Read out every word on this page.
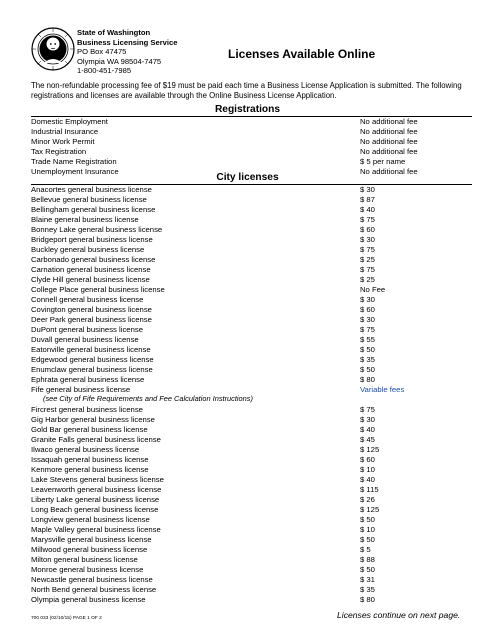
State of Washington
Business Licensing Service
PO Box 47475
Olympia WA 98504-7475
1-800-451-7985
Licenses Available Online
The non-refundable processing fee of $19 must be paid each time a Business License Application is submitted. The following registrations and licenses are available through the Online Business License Application.
Registrations
Domestic Employment	No additional fee
Industrial Insurance	No additional fee
Minor Work Permit	No additional fee
Tax Registration	No additional fee
Trade Name Registration	$ 5 per name
Unemployment Insurance	No additional fee
City licenses
Anacortes general business license	$ 30
Bellevue general business license	$ 87
Bellingham general business license	$ 40
Blaine general business license	$ 75
Bonney Lake general business license	$ 60
Bridgeport general business license	$ 30
Buckley general business license	$ 75
Carbonado general business license	$ 25
Carnation general business license	$ 75
Clyde Hill general business license	$ 25
College Place general business license	No Fee
Connell general business license	$ 30
Covington general business license	$ 60
Deer Park general business license	$ 30
DuPont general business license	$ 75
Duvall general business license	$ 55
Eatonville general business license	$ 50
Edgewood general business license	$ 35
Enumclaw general business license	$ 50
Ephrata general business license	$ 80
Fife general business license	Variable fees
(see City of Fife Requirements and Fee Calculation Instructions)
Fircrest general business license	$ 75
Gig Harbor general business license	$ 30
Gold Bar general business license	$ 40
Granite Falls general business license	$ 45
Ilwaco general business license	$ 125
Issaquah general business license	$ 60
Kenmore general business license	$ 10
Lake Stevens general business license	$ 40
Leavenworth general business license	$ 115
Liberty Lake general business license	$ 26
Long Beach general business license	$ 125
Longview general business license	$ 50
Maple Valley general business license	$ 10
Marysville general business license	$ 50
Millwood general business license	$ 5
Milton general business license	$ 88
Monroe general business license	$ 50
Newcastle general business license	$ 31
North Bend general business license	$ 35
Olympia general business license	$ 80
700 033 (02/10/15) PAGE 1 OF 2	Licenses continue on next page.
